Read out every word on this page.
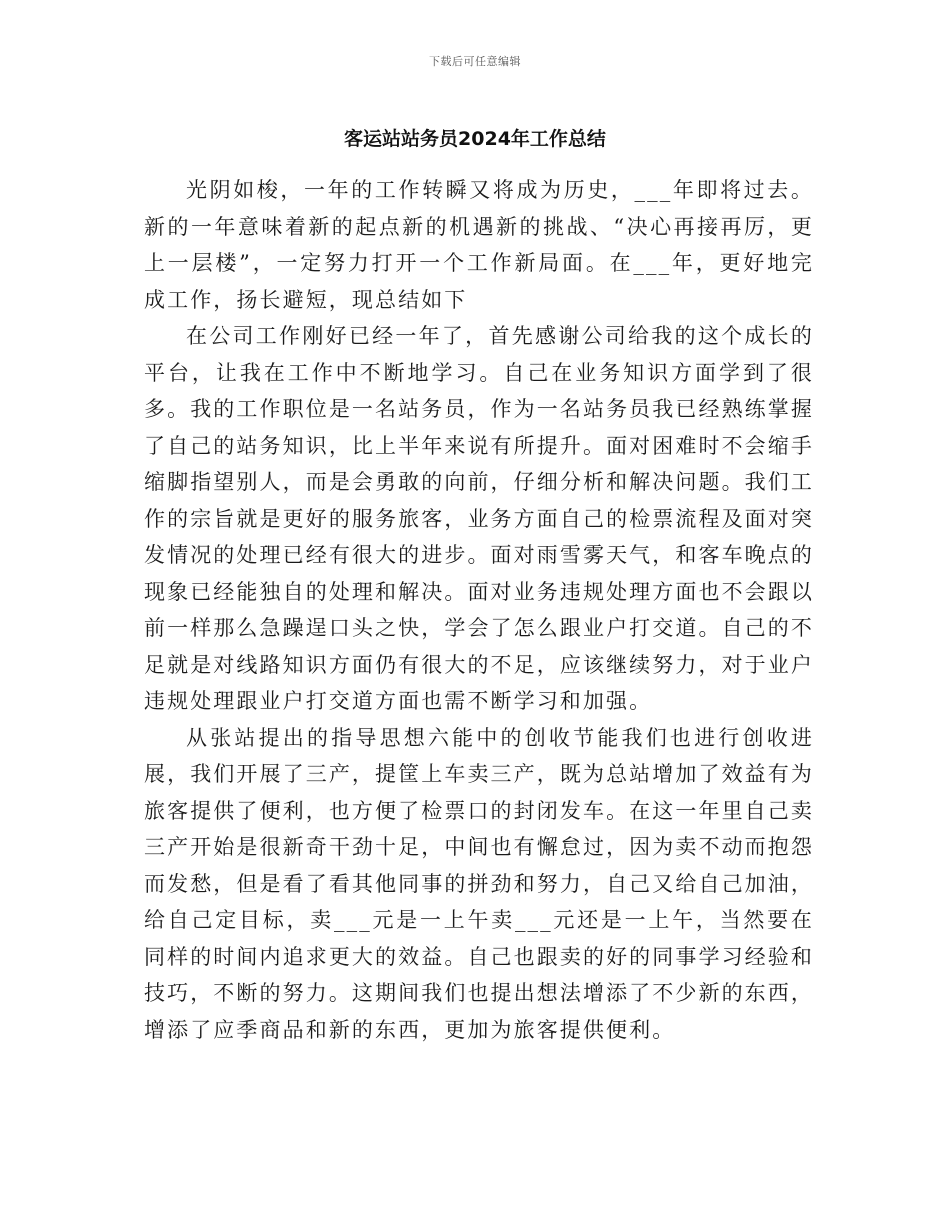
下载后可任意编辑
客运站站务员2024年工作总结

光阴如梭，一年的工作转瞬又将成为历史，___年即将过去。新的一年意味着新的起点新的机遇新的挑战、“决心再接再厉，更上一层楼”，一定努力打开一个工作新局面。在___年，更好地完成工作，扬长避短，现总结如下

在公司工作刚好已经一年了，首先感谢公司给我的这个成长的平台，让我在工作中不断地学习。自己在业务知识方面学到了很多。我的工作职位是一名站务员，作为一名站务员我已经熟练掌握了自己的站务知识，比上半年来说有所提升。面对困难时不会缩手缩脚指望别人，而是会勇敢的向前，仔细分析和解决问题。我们工作的宗旨就是更好的服务旅客，业务方面自己的检票流程及面对突发情况的处理已经有很大的进步。面对雨雪雾天气，和客车晚点的现象已经能独自的处理和解决。面对业务违规处理方面也不会跟以前一样那么急躁逞口头之快，学会了怎么跟业户打交道。自己的不足就是对线路知识方面仍有很大的不足，应该继续努力，对于业户违规处理跟业户打交道方面也需不断学习和加强。

从张站提出的指导思想六能中的创收节能我们也进行创收进展，我们开展了三产，提筐上车卖三产，既为总站增加了效益有为旅客提供了便利，也方便了检票口的封闭发车。在这一年里自己卖三产开始是很新奇干劲十足，中间也有懈怠过，因为卖不动而抱怨而发愁，但是看了看其他同事的拼劲和努力，自己又给自己加油，给自己定目标，卖___元是一上午卖___元还是一上午，当然要在同样的时间内追求更大的效益。自己也跟卖的好的同事学习经验和技巧，不断的努力。这期间我们也提出想法增添了不少新的东西，增添了应季商品和新的东西，更加为旅客提供便利。
